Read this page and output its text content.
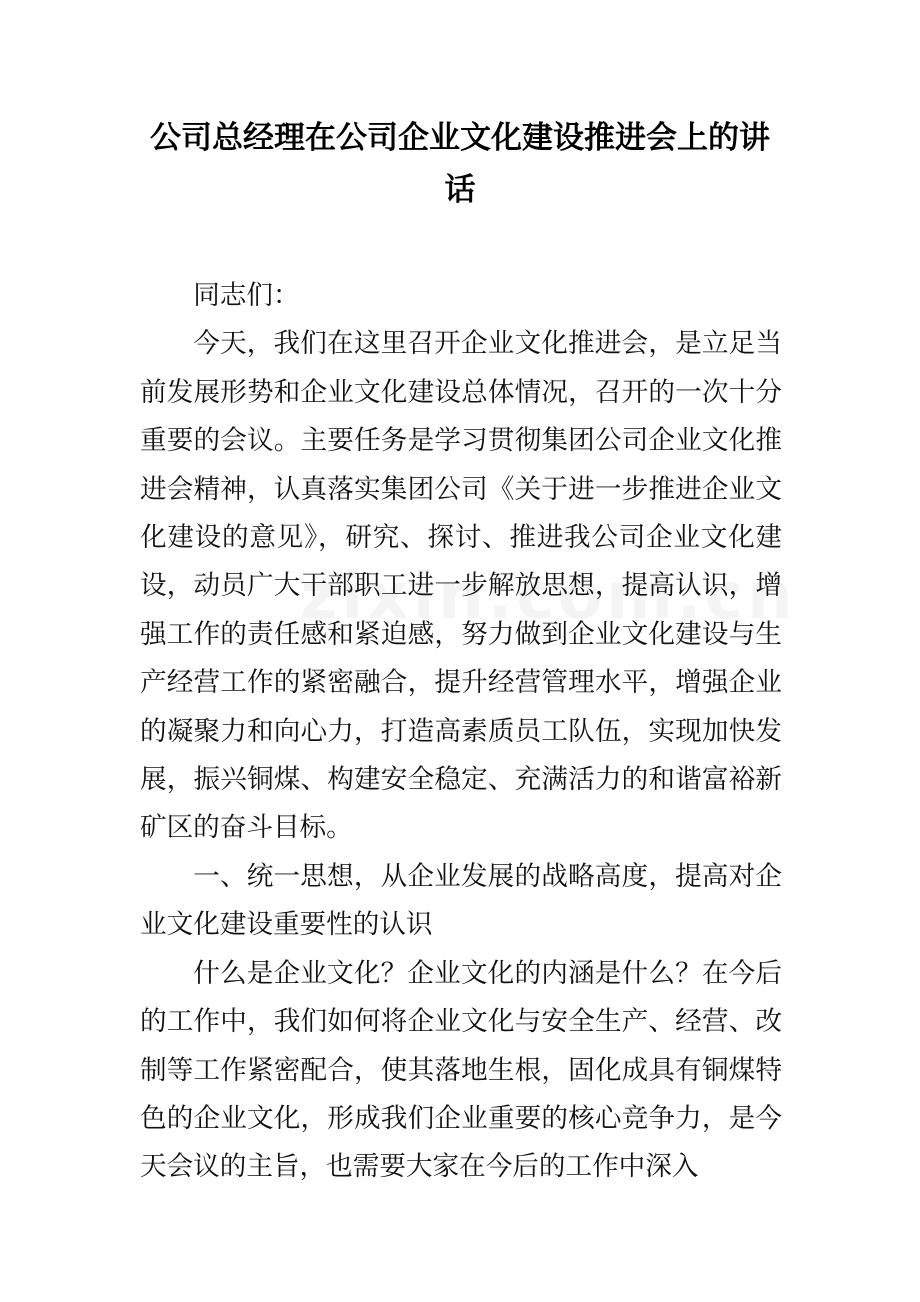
公司总经理在公司企业文化建设推进会上的讲话

同志们：

今天，我们在这里召开企业文化推进会，是立足当前发展形势和企业文化建设总体情况，召开的一次十分重要的会议。主要任务是学习贯彻集团公司企业文化推进会精神，认真落实集团公司《关于进一步推进企业文化建设的意见》，研究、探讨、推进我公司企业文化建设，动员广大干部职工进一步解放思想，提高认识，增强工作的责任感和紧迫感，努力做到企业文化建设与生产经营工作的紧密融合，提升经营管理水平，增强企业的凝聚力和向心力，打造高素质员工队伍，实现加快发展，振兴铜煤、构建安全稳定、充满活力的和谐富裕新矿区的奋斗目标。

一、统一思想，从企业发展的战略高度，提高对企业文化建设重要性的认识

什么是企业文化？企业文化的内涵是什么？在今后的工作中，我们如何将企业文化与安全生产、经营、改制等工作紧密配合，使其落地生根，固化成具有铜煤特色的企业文化，形成我们企业重要的核心竞争力，是今天会议的主旨，也需要大家在今后的工作中深入
